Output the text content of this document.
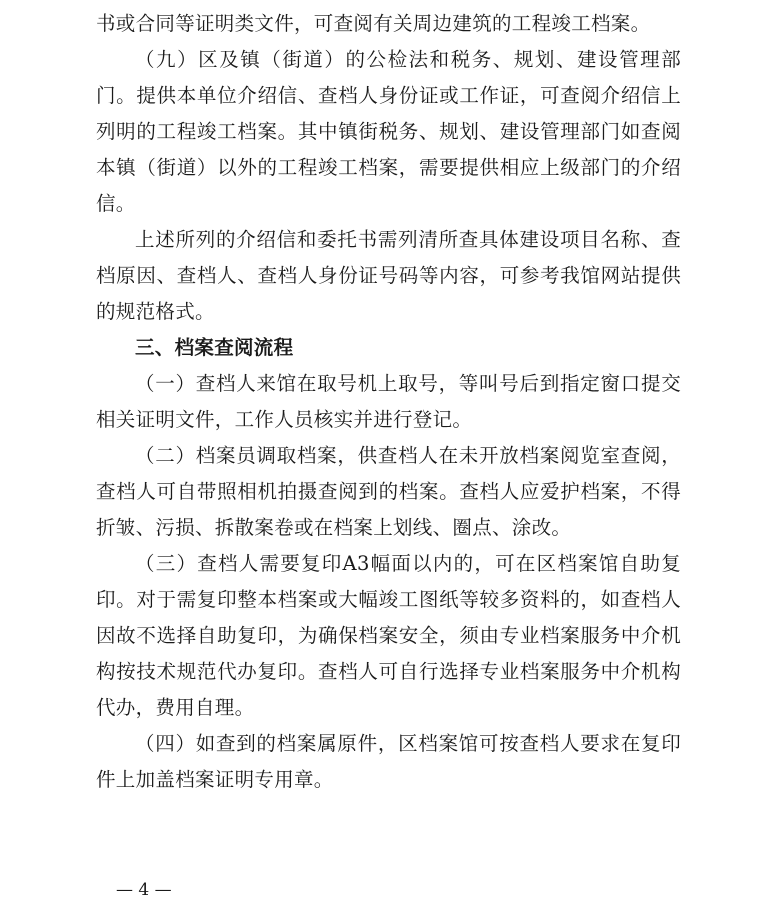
书或合同等证明类文件，可查阅有关周边建筑的工程竣工档案。

（九）区及镇（街道）的公检法和税务、规划、建设管理部门。提供本单位介绍信、查档人身份证或工作证，可查阅介绍信上列明的工程竣工档案。其中镇街税务、规划、建设管理部门如查阅本镇（街道）以外的工程竣工档案，需要提供相应上级部门的介绍信。

上述所列的介绍信和委托书需列清所查具体建设项目名称、查档原因、查档人、查档人身份证号码等内容，可参考我馆网站提供的规范格式。

三、档案查阅流程

（一）查档人来馆在取号机上取号，等叫号后到指定窗口提交相关证明文件，工作人员核实并进行登记。

（二）档案员调取档案，供查档人在未开放档案阅览室查阅，查档人可自带照相机拍摄查阅到的档案。查档人应爱护档案，不得折皱、污损、拆散案卷或在档案上划线、圈点、涂改。

（三）查档人需要复印A3幅面以内的，可在区档案馆自助复印。对于需复印整本档案或大幅竣工图纸等较多资料的，如查档人因故不选择自助复印，为确保档案安全，须由专业档案服务中介机构按技术规范代办复印。查档人可自行选择专业档案服务中介机构代办，费用自理。

（四）如查到的档案属原件，区档案馆可按查档人要求在复印件上加盖档案证明专用章。

— 4 —
